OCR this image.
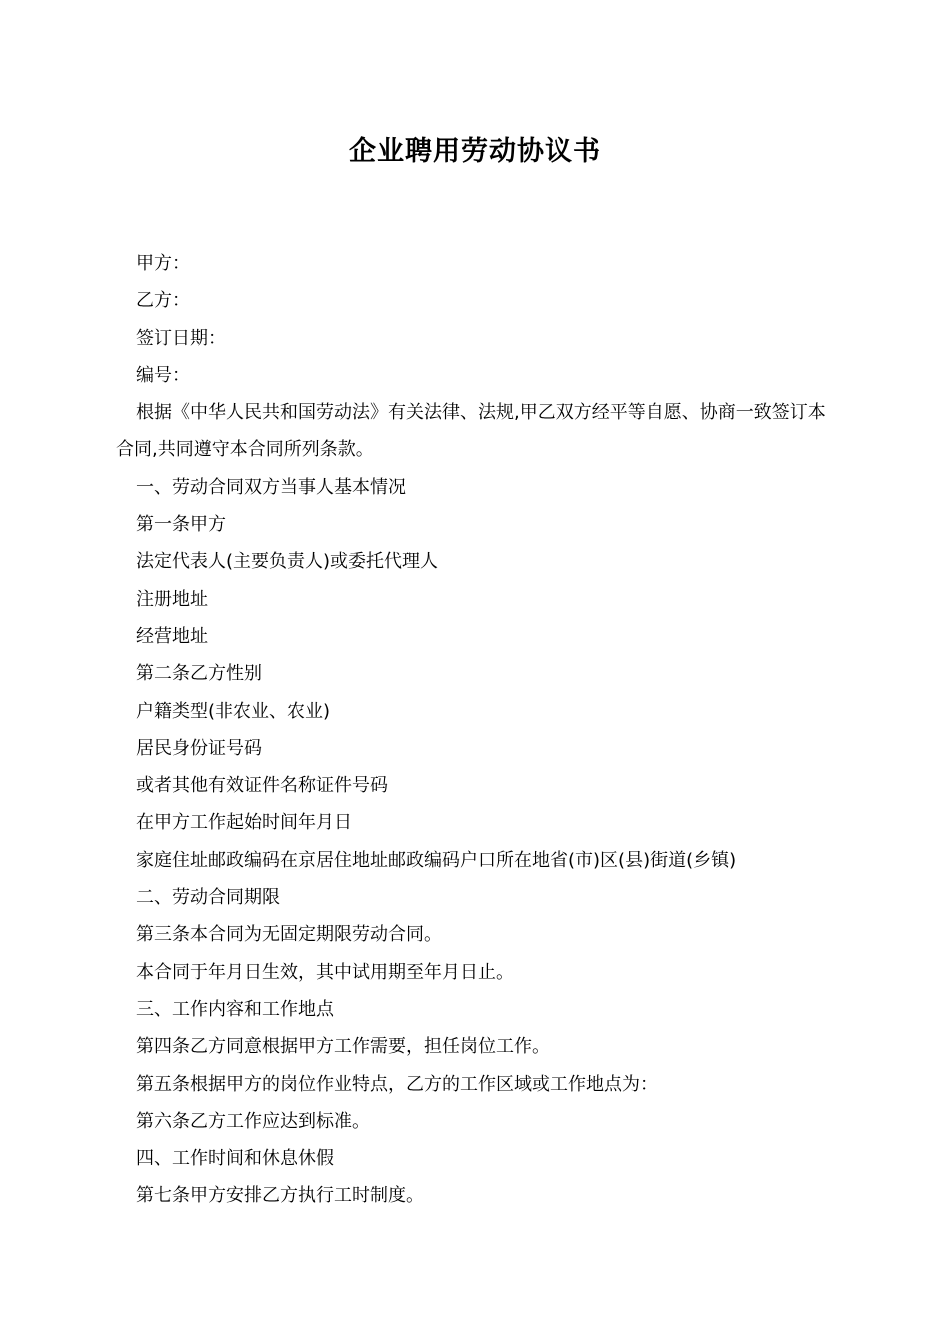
企业聘用劳动协议书

甲方：

乙方：

签订日期：

编号：

根据《中华人民共和国劳动法》有关法律、法规,甲乙双方经平等自愿、协商一致签订本合同,共同遵守本合同所列条款。

一、劳动合同双方当事人基本情况

第一条甲方

法定代表人(主要负责人)或委托代理人

注册地址

经营地址

第二条乙方性别

户籍类型(非农业、农业)

居民身份证号码

或者其他有效证件名称证件号码

在甲方工作起始时间年月日

家庭住址邮政编码在京居住地址邮政编码户口所在地省(市)区(县)街道(乡镇)

二、劳动合同期限

第三条本合同为无固定期限劳动合同。

本合同于年月日生效，其中试用期至年月日止。

三、工作内容和工作地点

第四条乙方同意根据甲方工作需要，担任岗位工作。

第五条根据甲方的岗位作业特点，乙方的工作区域或工作地点为：

第六条乙方工作应达到标准。

四、工作时间和休息休假

第七条甲方安排乙方执行工时制度。
